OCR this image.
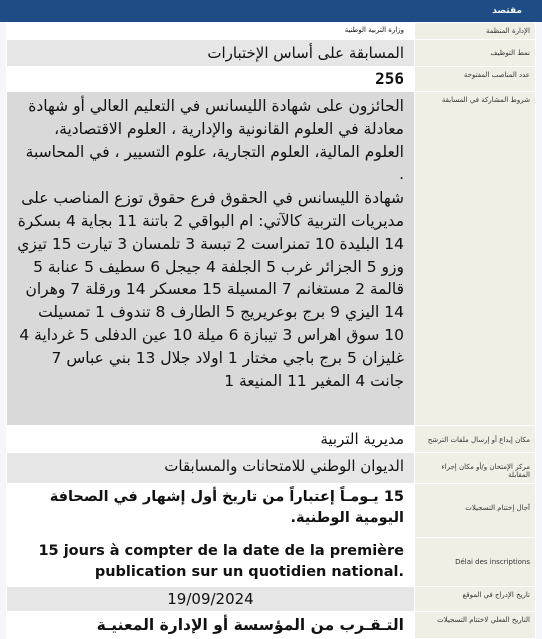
مقتصد
الإدارة المنظمة	وزارة التربية الوطنية
نمط التوظيف	المسابقة على أساس الإختبارات
عدد المناصب المفتوحة	256
شروط المشاركة في المسابقة	الحائزون على شهادة الليسانس في التعليم العالي أو شهادة معادلة في العلوم القانونية والإدارية ، العلوم الاقتصادية، العلوم المالية، العلوم التجارية، علوم التسيير ، في المحاسبة .

شهادة الليسانس في الحقوق فرع حقوق توزع المناصب على مديريات التربية كالآتي: ام البواقي 2 باتنة 11 بجاية 4 بسكرة 14 البليدة 10 تمنراست 2 تبسة 3 تلمسان 3 تيارت 15 تيزي وزو 5 الجزائر غرب 5 الجلفة 4 جيجل 6 سطيف 5 عنابة 5 قالمة 2 مستغانم 7 المسيلة 15 معسكر 14 ورقلة 7 وهران 14 اليزي 9 برج بوعريريج 5 الطارف 8 تندوف 1 تمسيلت 10 سوق اهراس 3 تيبازة 6 ميلة 10 عين الدفلى 5 غرداية 4 غليزان 5 برج باجي مختار 1 اولاد جلال 13 بني عباس 7 جانت 4 المغير 11 المنيعة 1

مكان إيداع أو إرسال ملفات الترشح	مديرية التربية
مركز الإمتحان و/أو مكان إجراء المقابلة	الديوان الوطني للامتحانات والمسابقات
آجال إختتام التسجيلات	15 يـومـاً إعتباراً من تاريخ أول إشهار في الصحافة اليومية الوطنية.

Délai des inscriptions	15 jours à compter de la date de la première publication sur un quotidien national.
تاريخ الإدراج في الموقع	19/09/2024
التاريخ الفعلي لاختتام التسجيلات	التـقـرب من المؤسسة أو الإدارة المعنيـة
